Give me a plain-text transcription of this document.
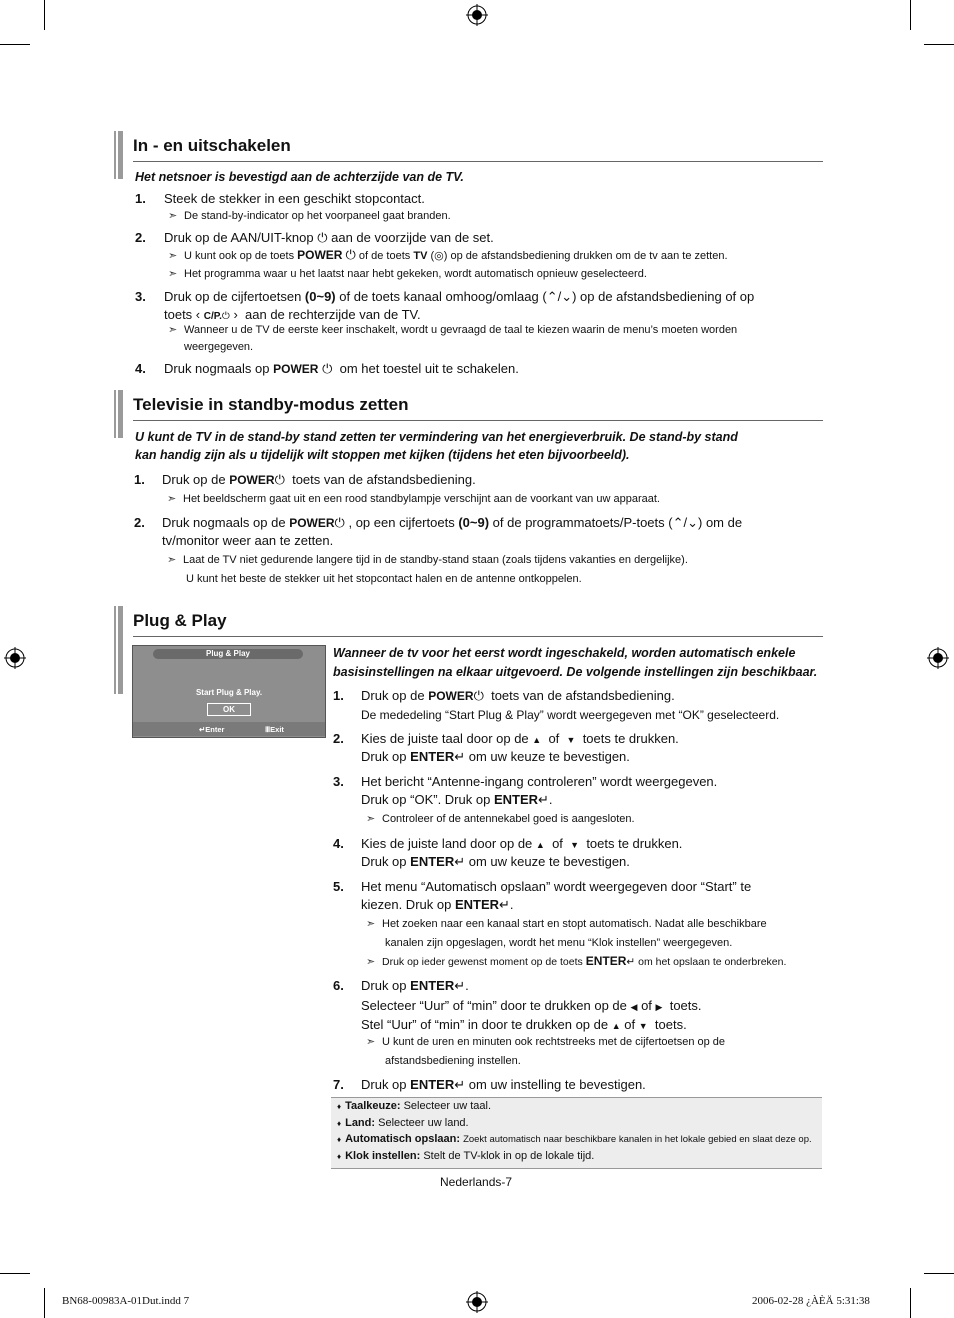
In - en uitschakelen
Het netsnoer is bevestigd aan de achterzijde van de TV.
1. Steek de stekker in een geschikt stopcontact.
➣ De stand-by-indicator op het voorpaneel gaat branden.
2. Druk op de AAN/UIT-knop ⏻ aan de voorzijde van de set.
➣ U kunt ook op de toets POWER ⏻ of de toets TV (◎) op de afstandsbediening drukken om de tv aan te zetten.
➣ Het programma waar u het laatst naar hebt gekeken, wordt automatisch opnieuw geselecteerd.
3. Druk op de cijfertoetsen (0~9) of de toets kanaal omhoog/omlaag (⌃/⌄) op de afstandsbediening of op
toets ‹ C/P.⏻ ›  aan de rechterzijde van de TV.
➣ Wanneer u de TV de eerste keer inschakelt, wordt u gevraagd de taal te kiezen waarin de menu’s moeten worden
weergegeven.
4. Druk nogmaals op POWER ⏻ om het toestel uit te schakelen.
Televisie in standby-modus zetten
U kunt de TV in de stand-by stand zetten ter vermindering van het energieverbruik. De stand-by stand
kan handig zijn als u tijdelijk wilt stoppen met kijken (tijdens het eten bijvoorbeeld).
1. Druk op de POWER⏻ toets van de afstandsbediening.
➣ Het beeldscherm gaat uit en een rood standbylampje verschijnt aan de voorkant van uw apparaat.
2. Druk nogmaals op de POWER⏻ , op een cijfertoets (0~9) of de programmatoets/P-toets (⌃/⌄) om de
tv/monitor weer aan te zetten.
➣ Laat de TV niet gedurende langere tijd in de standby-stand staan (zoals tijdens vakanties en dergelijke).
U kunt het beste de stekker uit het stopcontact halen en de antenne ontkoppelen.
Plug & Play
Plug & Play
Start Plug & Play.
OK
↵Enter	ⅢExit
Wanneer de tv voor het eerst wordt ingeschakeld, worden automatisch enkele
basisinstellingen na elkaar uitgevoerd. De volgende instellingen zijn beschikbaar.
1. Druk op de POWER⏻ toets van de afstandsbediening.
De mededeling “Start Plug & Play” wordt weergegeven met “OK” geselecteerd.
2. Kies de juiste taal door op de ▲ of ▼ toets te drukken.
Druk op ENTER↵ om uw keuze te bevestigen.
3. Het bericht “Antenne-ingang controleren” wordt weergegeven.
Druk op “OK”. Druk op ENTER↵.
➣ Controleer of de antennekabel goed is aangesloten.
4. Kies de juiste land door op de ▲ of ▼ toets te drukken.
Druk op ENTER↵ om uw keuze te bevestigen.
5. Het menu “Automatisch opslaan” wordt weergegeven door “Start” te
kiezen. Druk op ENTER↵.
➣ Het zoeken naar een kanaal start en stopt automatisch. Nadat alle beschikbare
kanalen zijn opgeslagen, wordt het menu “Klok instellen” weergegeven.
➣ Druk op ieder gewenst moment op de toets ENTER↵ om het opslaan te onderbreken.
6. Druk op ENTER↵.
Selecteer “Uur” of “min” door te drukken op de ◀ of ▶ toets.
Stel “Uur” of “min” in door te drukken op de ▲ of ▼ toets.
➣ U kunt de uren en minuten ook rechtstreeks met de cijfertoetsen op de
afstandsbediening instellen.
7. Druk op ENTER↵ om uw instelling te bevestigen.
♦ Taalkeuze: Selecteer uw taal.
♦ Land: Selecteer uw land.
♦ Automatisch opslaan: Zoekt automatisch naar beschikbare kanalen in het lokale gebied en slaat deze op.
♦ Klok instellen: Stelt de TV-klok in op de lokale tijd.
Nederlands-7
BN68-00983A-01Dut.indd 7	2006-02-28 ¿ÀÈÄ 5:31:38
